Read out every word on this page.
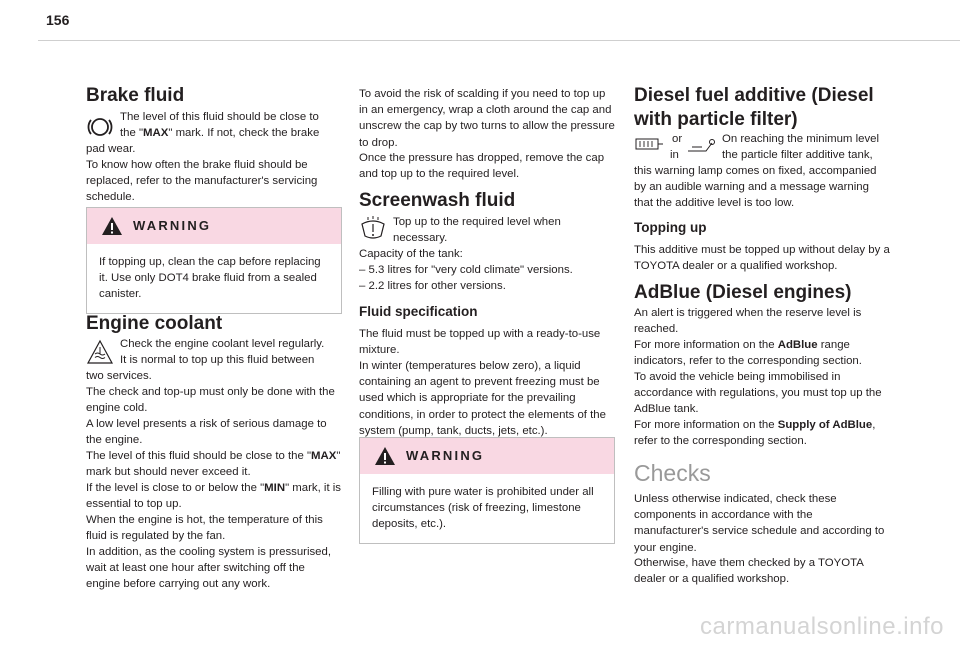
156
Brake fluid
The level of this fluid should be close to
the "MAX" mark. If not, check the brake
pad wear.
To know how often the brake fluid should be replaced, refer to the manufacturer's servicing schedule.
WARNING
If topping up, clean the cap before replacing it. Use only DOT4 brake fluid from a sealed canister.
Engine coolant
Check the engine coolant level regularly.
It is normal to top up this fluid between
two services.
The check and top-up must only be done with the engine cold.
A low level presents a risk of serious damage to the engine.
The level of this fluid should be close to the "MAX" mark but should never exceed it.
If the level is close to or below the "MIN" mark, it is essential to top up.
When the engine is hot, the temperature of this fluid is regulated by the fan.
In addition, as the cooling system is pressurised, wait at least one hour after switching off the engine before carrying out any work.
To avoid the risk of scalding if you need to top up in an emergency, wrap a cloth around the cap and unscrew the cap by two turns to allow the pressure to drop.
Once the pressure has dropped, remove the cap and top up to the required level.
Screenwash fluid
Top up to the required level when
necessary.
Capacity of the tank:
– 5.3 litres for "very cold climate" versions.
– 2.2 litres for other versions.
Fluid specification
The fluid must be topped up with a ready-to-use mixture.
In winter (temperatures below zero), a liquid containing an agent to prevent freezing must be used which is appropriate for the prevailing conditions, in order to protect the elements of the system (pump, tank, ducts, jets, etc.).
WARNING
Filling with pure water is prohibited under all circumstances (risk of freezing, limestone deposits, etc.).
Diesel fuel additive (Diesel with particle filter)
or
in
On reaching the minimum level
the particle filter additive tank,
this warning lamp comes on fixed, accompanied by an audible warning and a message warning that the additive level is too low.
Topping up
This additive must be topped up without delay by a TOYOTA dealer or a qualified workshop.
AdBlue (Diesel engines)
An alert is triggered when the reserve level is reached.
For more information on the AdBlue range indicators, refer to the corresponding section.
To avoid the vehicle being immobilised in accordance with regulations, you must top up the AdBlue tank.
For more information on the Supply of AdBlue, refer to the corresponding section.
Checks
Unless otherwise indicated, check these components in accordance with the manufacturer's service schedule and according to your engine.
Otherwise, have them checked by a TOYOTA dealer or a qualified workshop.
carmanualsonline.info
